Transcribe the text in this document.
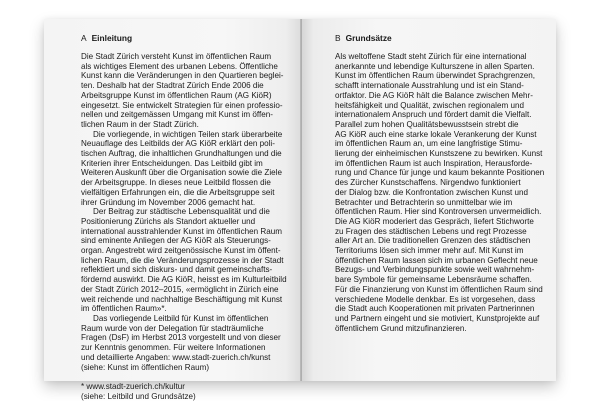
A Einleitung
Die Stadt Zürich versteht Kunst im öffentlichen Raum
als wichtiges Element des urbanen Lebens. Öffentliche
Kunst kann die Veränderungen in den Quartieren beglei-
ten. Deshalb hat der Stadtrat Zürich Ende 2006 die
Arbeitsgruppe Kunst im öffentlichen Raum (AG KiöR)
eingesetzt. Sie entwickelt Strategien für einen professio-
nellen und zeitgemässen Umgang mit Kunst im öffen-
tlichen Raum in der Stadt Zürich.
Die vorliegende, in wichtigen Teilen stark überarbeite
Neuauflage des Leitbilds der AG KiöR erklärt den poli-
tischen Auftrag, die inhaltlichen Grundhaltungen und die
Kriterien ihrer Entscheidungen. Das Leitbild gibt im
Weiteren Auskunft über die Organisation sowie die Ziele
der Arbeitsgruppe. In dieses neue Leitbild flossen die
vielfältigen Erfahrungen ein, die die Arbeitsgruppe seit
ihrer Gründung im November 2006 gemacht hat.
Der Beitrag zur städtische Lebensqualität und die
Positionierung Zürichs als Standort aktueller und
international ausstrahlender Kunst im öffentlichen Raum
sind eminente Anliegen der AG KiöR als Steuerungs-
organ. Angestrebt wird zeitgenössische Kunst im öffent-
lichen Raum, die die Veränderungsprozesse in der Stadt
reflektiert und sich diskurs- und damit gemeinschafts-
fördernd auswirkt. Die AG KiöR, heisst es im Kulturleitbild
der Stadt Zürich 2012–2015, «ermöglicht in Zürich eine
weit reichende und nachhaltige Beschäftigung mit Kunst
im öffentlichen Raum»*.
Das vorliegende Leitbild für Kunst im öffentlichen
Raum wurde von der Delegation für stadträumliche
Fragen (DsF) im Herbst 2013 vorgestellt und von dieser
zur Kenntnis genommen. Für weitere Informationen
und detaillierte Angaben: www.stadt-zuerich.ch/kunst
(siehe: Kunst im öffentlichen Raum)
* www.stadt-zuerich.ch/kultur
(siehe: Leitbild und Grundsätze)
B Grundsätze
Als weltoffene Stadt steht Zürich für eine international
anerkannte und lebendige Kulturszene in allen Sparten.
Kunst im öffentlichen Raum überwindet Sprachgrenzen,
schafft internationale Ausstrahlung und ist ein Stand-
ortfaktor. Die AG KiöR hält die Balance zwischen Mehr-
heitsfähigkeit und Qualität, zwischen regionalem und
internationalem Anspruch und fördert damit die Vielfalt.
Parallel zum hohen Qualitätsbewusstsein strebt die
AG KiöR auch eine starke lokale Verankerung der Kunst
im öffentlichen Raum an, um eine langfristige Stimu-
lierung der einheimischen Kunstszene zu bewirken. Kunst
im öffentlichen Raum ist auch Inspiration, Herausforde-
rung und Chance für junge und kaum bekannte Positionen
des Zürcher Kunstschaffens. Nirgendwo funktioniert
der Dialog bzw. die Konfrontation zwischen Kunst und
Betrachter und Betrachterin so unmittelbar wie im
öffentlichen Raum. Hier sind Kontroversen unvermeidlich.
Die AG KiöR moderiert das Gespräch, liefert Stichworte
zu Fragen des städtischen Lebens und regt Prozesse
aller Art an. Die traditionellen Grenzen des städtischen
Territoriums lösen sich immer mehr auf. Mit Kunst im
öffentlichen Raum lassen sich im urbanen Geflecht neue
Bezugs- und Verbindungspunkte sowie weit wahrnehm-
bare Symbole für gemeinsame Lebensräume schaffen.
Für die Finanzierung von Kunst im öffentlichen Raum sind
verschiedene Modelle denkbar. Es ist vorgesehen, dass
die Stadt auch Kooperationen mit privaten Partnerinnen
und Partnern eingeht und sie motiviert, Kunstprojekte auf
öffentlichem Grund mitzufinanzieren.
